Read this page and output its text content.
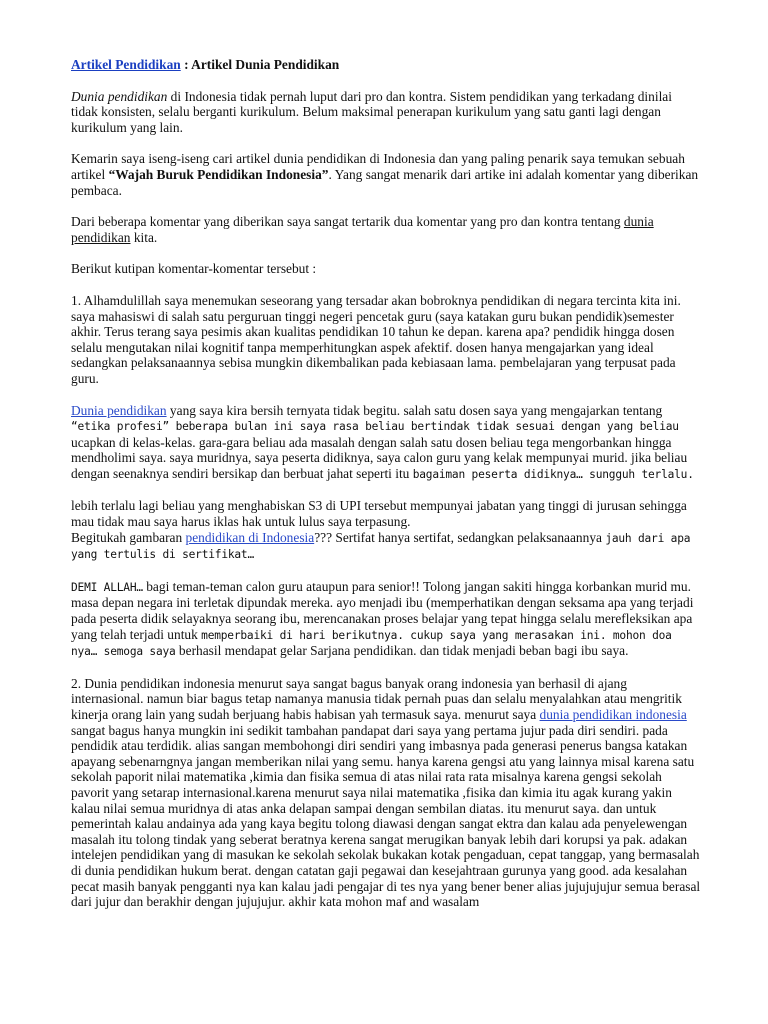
Artikel Pendidikan : Artikel Dunia Pendidikan

Dunia pendidikan di Indonesia tidak pernah luput dari pro dan kontra. Sistem pendidikan yang terkadang dinilai tidak konsisten, selalu berganti kurikulum. Belum maksimal penerapan kurikulum yang satu ganti lagi dengan kurikulum yang lain.

Kemarin saya iseng-iseng cari artikel dunia pendidikan di Indonesia dan yang paling penarik saya temukan sebuah artikel “Wajah Buruk Pendidikan Indonesia”. Yang sangat menarik dari artike ini adalah komentar yang diberikan pembaca.

Dari beberapa komentar yang diberikan saya sangat tertarik dua komentar yang pro dan kontra tentang dunia pendidikan kita.

Berikut kutipan komentar-komentar tersebut :

1. Alhamdulillah saya menemukan seseorang yang tersadar akan bobroknya pendidikan di negara tercinta kita ini. saya mahasiswi di salah satu perguruan tinggi negeri pencetak guru (saya katakan guru bukan pendidik)semester akhir. Terus terang saya pesimis akan kualitas pendidikan 10 tahun ke depan. karena apa? pendidik hingga dosen selalu mengutakan nilai kognitif tanpa memperhitungkan aspek afektif. dosen hanya mengajarkan yang ideal sedangkan pelaksanaannya sebisa mungkin dikembalikan pada kebiasaan lama. pembelajaran yang terpusat pada guru.

Dunia pendidikan yang saya kira bersih ternyata tidak begitu. salah satu dosen saya yang mengajarkan tentang “etika profesi” beberapa bulan ini saya rasa beliau bertindak tidak sesuai dengan yang beliau ucapkan di kelas-kelas. gara-gara beliau ada masalah dengan salah satu dosen beliau tega mengorbankan hingga mendholimi saya. saya muridnya, saya peserta didiknya, saya calon guru yang kelak mempunyai murid. jika beliau dengan seenaknya sendiri bersikap dan berbuat jahat seperti itu bagaiman peserta didiknya… sungguh terlalu.

lebih terlalu lagi beliau yang menghabiskan S3 di UPI tersebut mempunyai jabatan yang tinggi di jurusan sehingga mau tidak mau saya harus iklas hak untuk lulus saya terpasung.
Begitukah gambaran pendidikan di Indonesia??? Sertifat hanya sertifat, sedangkan pelaksanaannya jauh dari apa yang tertulis di sertifikat…

DEMI ALLAH… bagi teman-teman calon guru ataupun para senior!! Tolong jangan sakiti hingga korbankan murid mu. masa depan negara ini terletak dipundak mereka. ayo menjadi ibu (memperhatikan dengan seksama apa yang terjadi pada peserta didik selayaknya seorang ibu, merencanakan proses belajar yang tepat hingga selalu merefleksikan apa yang telah terjadi untuk memperbaiki di hari berikutnya. cukup saya yang merasakan ini. mohon doa nya… semoga saya berhasil mendapat gelar Sarjana pendidikan. dan tidak menjadi beban bagi ibu saya.

2. Dunia pendidikan indonesia menurut saya sangat bagus banyak orang indonesia yan berhasil di ajang internasional. namun biar bagus tetap namanya manusia tidak pernah puas dan selalu menyalahkan atau mengritik kinerja orang lain yang sudah berjuang habis habisan yah termasuk saya. menurut saya dunia pendidikan indonesia sangat bagus hanya mungkin ini sedikit tambahan pandapat dari saya yang pertama jujur pada diri sendiri. pada pendidik atau terdidik. alias sangan membohongi diri sendiri yang imbasnya pada generasi penerus bangsa katakan apayang sebenarngnya jangan memberikan nilai yang semu. hanya karena gengsi atu yang lainnya misal karena satu sekolah paporit nilai matematika ,kimia dan fisika semua di atas nilai rata rata misalnya karena gengsi sekolah pavorit yang setarap internasional.karena menurut saya nilai matematika ,fisika dan kimia itu agak kurang yakin kalau nilai semua muridnya di atas anka delapan sampai dengan sembilan diatas. itu menurut saya. dan untuk pemerintah kalau andainya ada yang kaya begitu tolong diawasi dengan sangat ektra dan kalau ada penyelewengan masalah itu tolong tindak yang seberat beratnya kerena sangat merugikan banyak lebih dari korupsi ya pak. adakan intelejen pendidikan yang di masukan ke sekolah sekolak bukakan kotak pengaduan, cepat tanggap, yang bermasalah di dunia pendidikan hukum berat. dengan catatan gaji pegawai dan kesejahtraan gurunya yang good. ada kesalahan pecat masih banyak pengganti nya kan kalau jadi pengajar di tes nya yang bener bener alias jujujujujur semua berasal dari jujur dan berakhir dengan jujujujur. akhir kata mohon maf and wasalam
